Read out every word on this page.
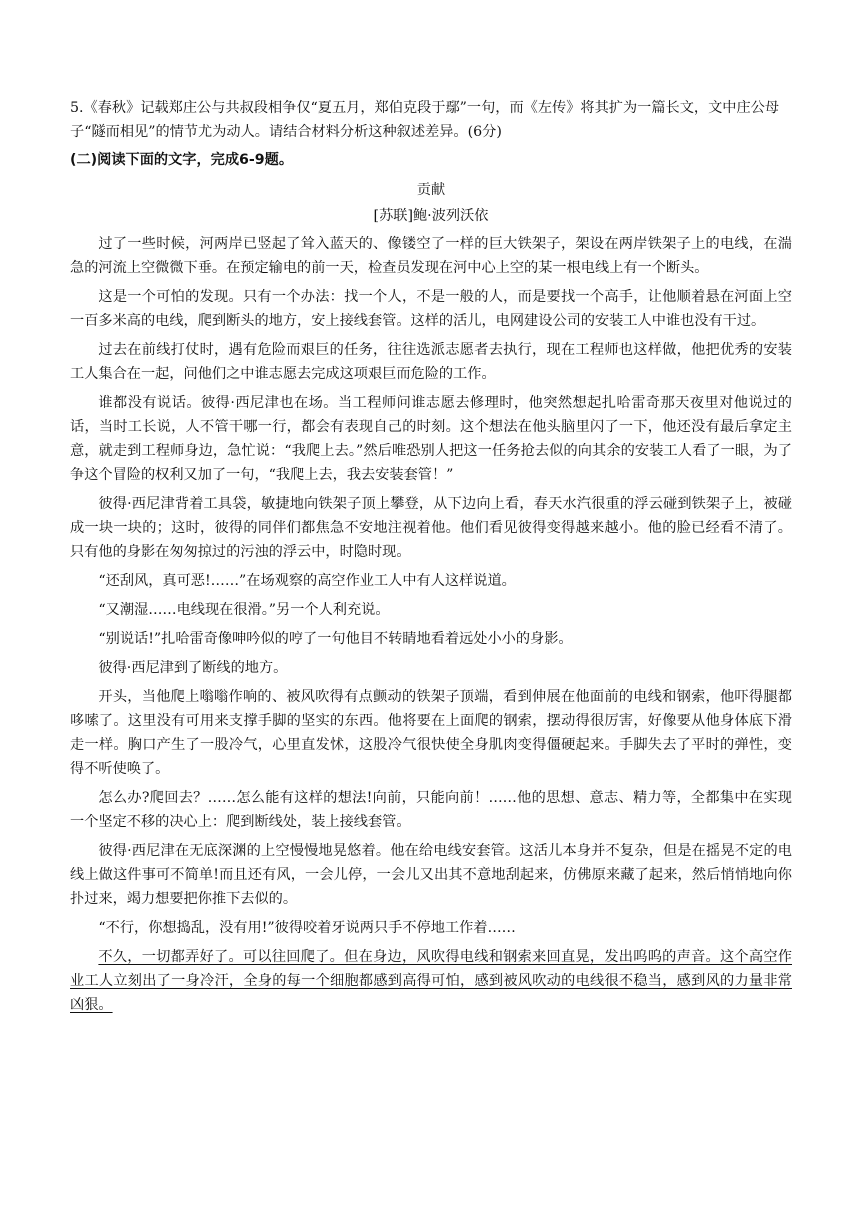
5.《春秋》记载郑庄公与共叔段相争仅“夏五月，郑伯克段于鄢”一句，而《左传》将其扩为一篇长文，文中庄公母子“隧而相见”的情节尤为动人。请结合材料分析这种叙述差异。(6分)

(二)阅读下面的文字，完成6-9题。

贡献

[苏联]鲍·波列沃依

过了一些时候，河两岸已竖起了耸入蓝天的、像镂空了一样的巨大铁架子，架设在两岸铁架子上的电线，在湍急的河流上空微微下垂。在预定输电的前一天，检查员发现在河中心上空的某一根电线上有一个断头。

这是一个可怕的发现。只有一个办法：找一个人，不是一般的人，而是要找一个高手，让他顺着悬在河面上空一百多米高的电线，爬到断头的地方，安上接线套管。这样的活儿，电网建设公司的安装工人中谁也没有干过。

过去在前线打仗时，遇有危险而艰巨的任务，往往选派志愿者去执行，现在工程师也这样做，他把优秀的安装工人集合在一起，问他们之中谁志愿去完成这项艰巨而危险的工作。

谁都没有说话。彼得·西尼津也在场。当工程师问谁志愿去修理时，他突然想起扎哈雷奇那天夜里对他说过的话，当时工长说，人不管干哪一行，都会有表现自己的时刻。这个想法在他头脑里闪了一下，他还没有最后拿定主意，就走到工程师身边，急忙说：“我爬上去。”然后唯恐别人把这一任务抢去似的向其余的安装工人看了一眼，为了争这个冒险的权利又加了一句，“我爬上去，我去安装套管！”

彼得·西尼津背着工具袋，敏捷地向铁架子顶上攀登，从下边向上看，春天水汽很重的浮云碰到铁架子上，被碰成一块一块的；这时，彼得的同伴们都焦急不安地注视着他。他们看见彼得变得越来越小。他的脸已经看不清了。只有他的身影在匆匆掠过的污浊的浮云中，时隐时现。

“还刮风，真可恶!……”在场观察的高空作业工人中有人这样说道。

“又潮湿……电线现在很滑。”另一个人利充说。

“别说话!”扎哈雷奇像呻吟似的哼了一句他目不转睛地看着远处小小的身影。

彼得·西尼津到了断线的地方。

开头，当他爬上嗡嗡作响的、被风吹得有点颤动的铁架子顶端，看到伸展在他面前的电线和钢索，他吓得腿都哆嗦了。这里没有可用来支撑手脚的坚实的东西。他将要在上面爬的钢索，摆动得很厉害，好像要从他身体底下滑走一样。胸口产生了一股冷气，心里直发怵，这股冷气很快使全身肌肉变得僵硬起来。手脚失去了平时的弹性，变得不听使唤了。

怎么办?爬回去？……怎么能有这样的想法!向前，只能向前！……他的思想、意志、精力等，全都集中在实现一个坚定不移的决心上：爬到断线处，装上接线套管。

彼得·西尼津在无底深渊的上空慢慢地晃悠着。他在给电线安套管。这活儿本身并不复杂，但是在摇晃不定的电线上做这件事可不简单!而且还有风，一会儿停，一会儿又出其不意地刮起来，仿佛原来藏了起来，然后悄悄地向你扑过来，竭力想要把你推下去似的。

“不行，你想捣乱，没有用!”彼得咬着牙说两只手不停地工作着……

不久，一切都弄好了。可以往回爬了。但在身边，风吹得电线和钢索来回直晃，发出呜呜的声音。这个高空作业工人立刻出了一身冷汗，全身的每一个细胞都感到高得可怕，感到被风吹动的电线很不稳当，感到风的力量非常凶狠。
